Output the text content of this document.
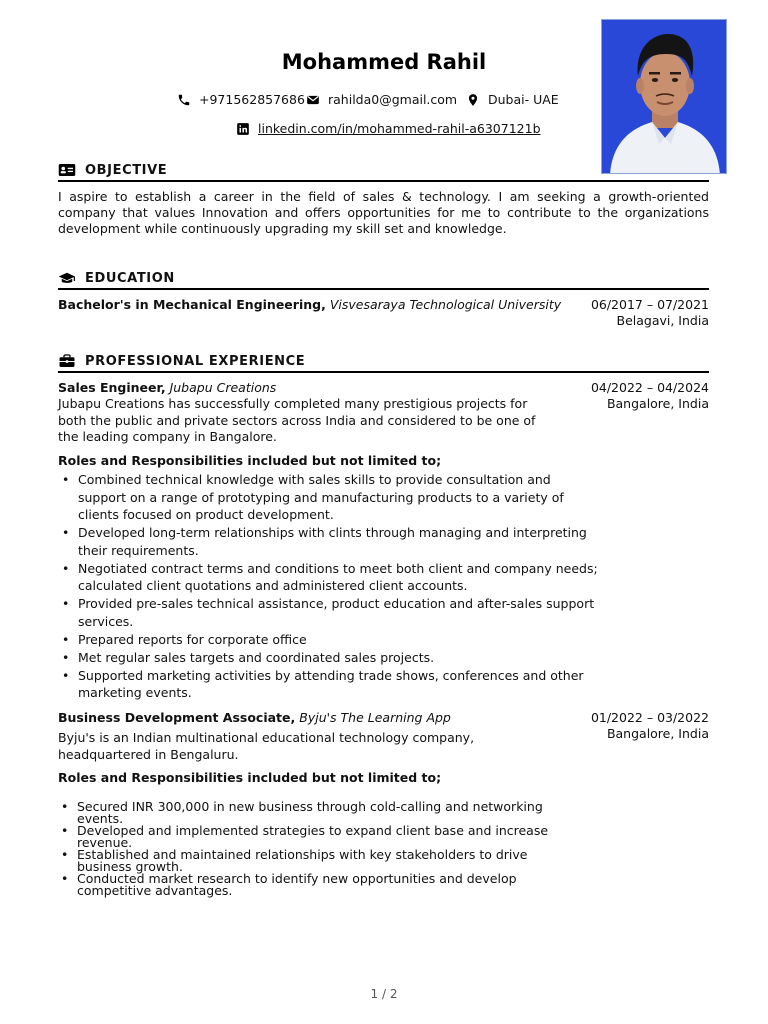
Mohammed Rahil
+971562857686 rahilda0@gmail.com Dubai- UAE
linkedin.com/in/mohammed-rahil-a6307121b
OBJECTIVE
I aspire to establish a career in the field of sales & technology. I am seeking a growth-oriented company that values Innovation and offers opportunities for me to contribute to the organizations development while continuously upgrading my skill set and knowledge.
EDUCATION
Bachelor's in Mechanical Engineering, Visvesaraya Technological University 06/2017 – 07/2021
Belagavi, India
PROFESSIONAL EXPERIENCE
Sales Engineer, Jubapu Creations	04/2022 – 04/2024
Bangalore, India
Jubapu Creations has successfully completed many prestigious projects for both the public and private sectors across India and considered to be one of the leading company in Bangalore.
Roles and Responsibilities included but not limited to;
• Combined technical knowledge with sales skills to provide consultation and support on a range of prototyping and manufacturing products to a variety of clients focused on product development.
• Developed long-term relationships with clints through managing and interpreting their requirements.
• Negotiated contract terms and conditions to meet both client and company needs; calculated client quotations and administered client accounts.
• Provided pre-sales technical assistance, product education and after-sales support services.
• Prepared reports for corporate office
• Met regular sales targets and coordinated sales projects.
• Supported marketing activities by attending trade shows, conferences and other marketing events.
Business Development Associate, Byju's The Learning App	01/2022 – 03/2022
Bangalore, India
Byju's is an Indian multinational educational technology company, headquartered in Bengaluru.
Roles and Responsibilities included but not limited to;
• Secured INR 300,000 in new business through cold-calling and networking events.
• Developed and implemented strategies to expand client base and increase revenue.
• Established and maintained relationships with key stakeholders to drive business growth.
• Conducted market research to identify new opportunities and develop competitive advantages.
1 / 2
